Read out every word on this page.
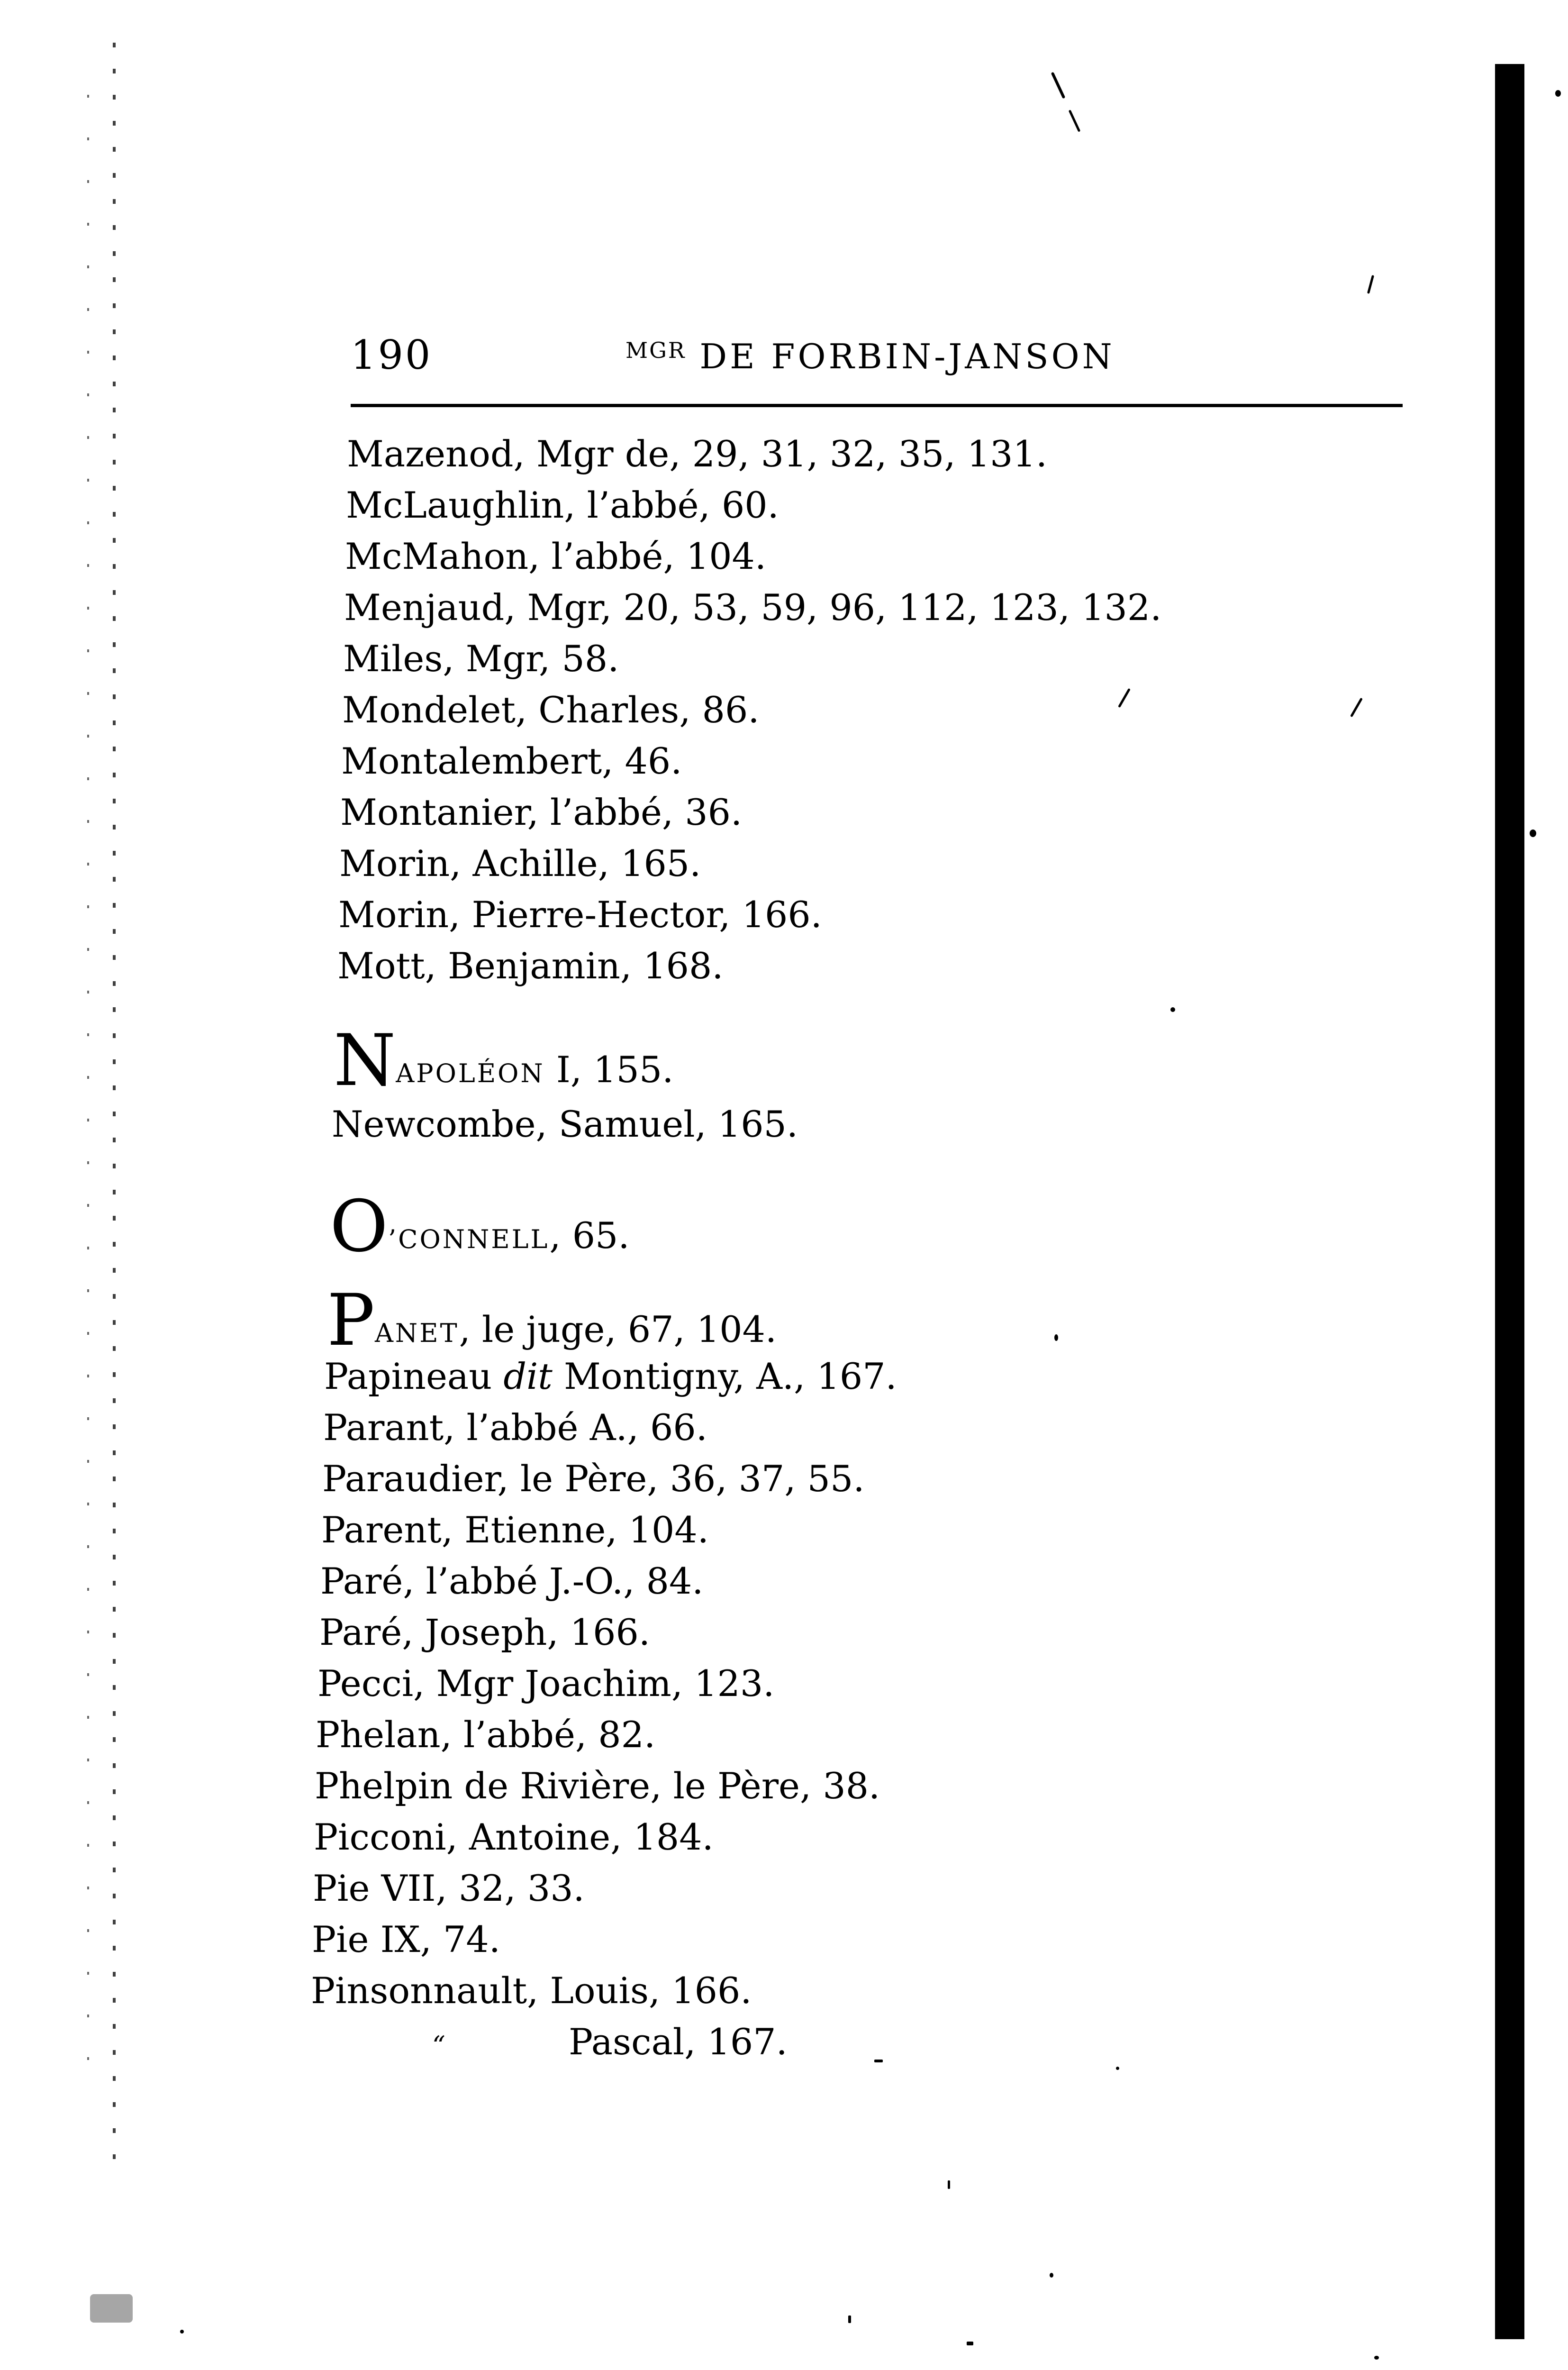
190	$^{MGR}$ DE FORBIN-JANSON
Mazenod, Mgr de, 29, 31, 32, 35, 131.
McLaughlin, l’abbé, 60.
McMahon, l’abbé, 104.
Menjaud, Mgr, 20, 53, 59, 96, 112, 123, 132.
Miles, Mgr, 58.
Mondelet, Charles, 86.
Montalembert, 46.
Montanier, l’abbé, 36.
Morin, Achille, 165.
Morin, Pierre-Hector, 166.
Mott, Benjamin, 168.
NAPOLÉON I, 155.
Newcombe, Samuel, 165.
O’CONNELL, 65.
PANET, le juge, 67, 104.
Papineau dit Montigny, A., 167.
Parant, l’abbé A., 66.
Paraudier, le Père, 36, 37, 55.
Parent, Etienne, 104.
Paré, l’abbé J.-O., 84.
Paré, Joseph, 166.
Pecci, Mgr Joachim, 123.
Phelan, l’abbé, 82.
Phelpin de Rivière, le Père, 38.
Picconi, Antoine, 184.
Pie VII, 32, 33.
Pie IX, 74.
Pinsonnault, Louis, 166.
“	Pascal, 167.
